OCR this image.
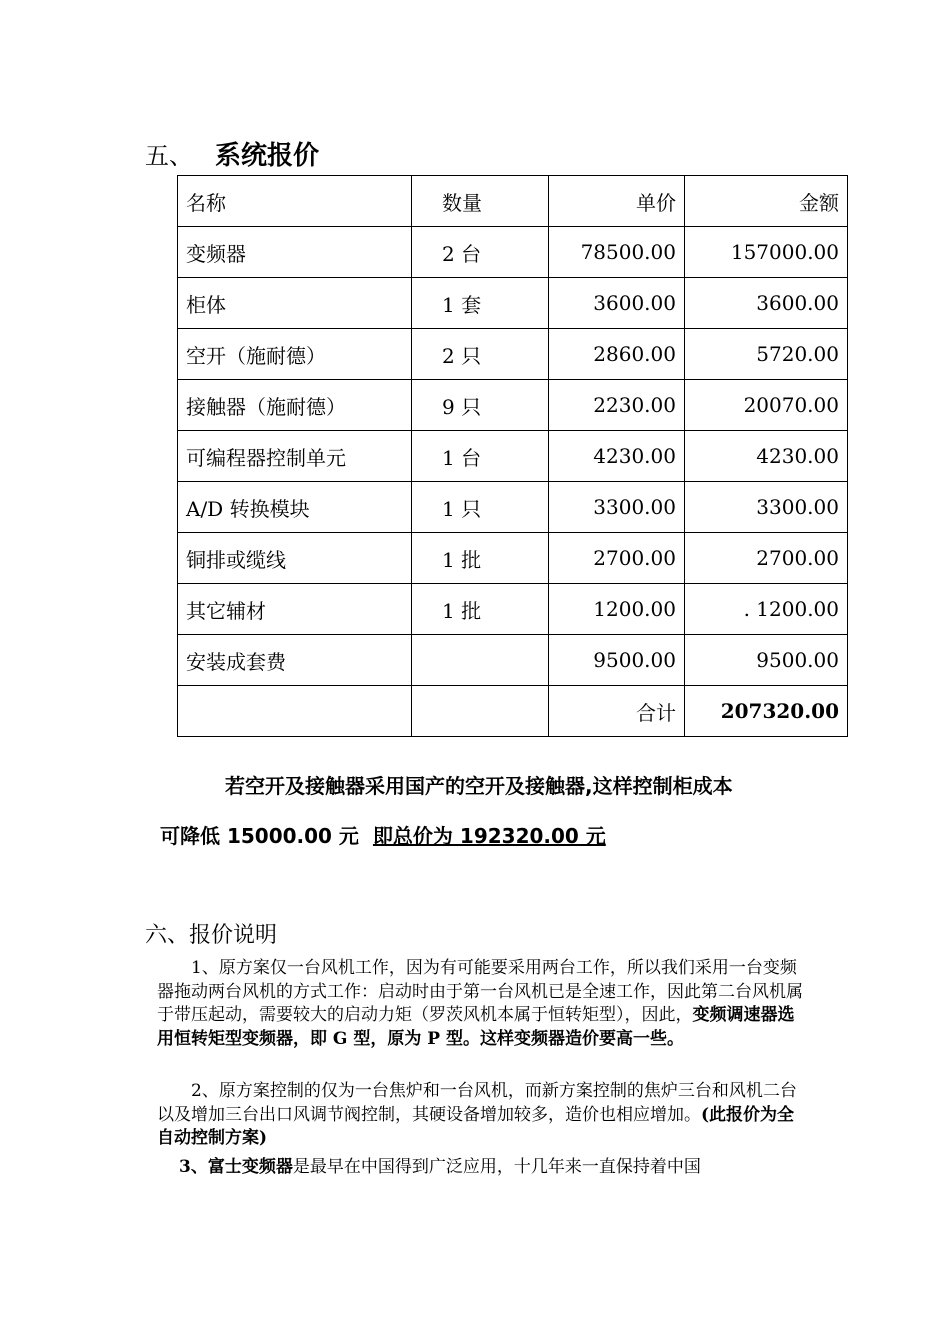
五、 系统报价
名称	数量	单价	金额
变频器	2 台	78500.00	157000.00
柜体	1 套	3600.00	3600.00
空开（施耐德）	2 只	2860.00	5720.00
接触器（施耐德）	9 只	2230.00	20070.00
可编程器控制单元	1 台	4230.00	4230.00
A/D 转换模块	1 只	3300.00	3300.00
铜排或缆线	1 批	2700.00	2700.00
其它辅材	1 批	1200.00	. 1200.00
安装成套费		9500.00	9500.00
		合计	207320.00
若空开及接触器采用国产的空开及接触器,这样控制柜成本
可降低 15000.00 元 即总价为 192320.00 元
六、报价说明

1、原方案仅一台风机工作，因为有可能要采用两台工作，所以我们采用一台变频器拖动两台风机的方式工作：启动时由于第一台风机已是全速工作，因此第二台风机属于带压起动，需要较大的启动力矩（罗茨风机本属于恒转矩型），因此，变频调速器选用恒转矩型变频器，即 G 型，原为 P 型。这样变频器造价要高一些。

2、原方案控制的仅为一台焦炉和一台风机，而新方案控制的焦炉三台和风机二台以及增加三台出口风调节阀控制，其硬设备增加较多，造价也相应增加。(此报价为全自动控制方案)

3、富士变频器是最早在中国得到广泛应用，十几年来一直保持着中国
